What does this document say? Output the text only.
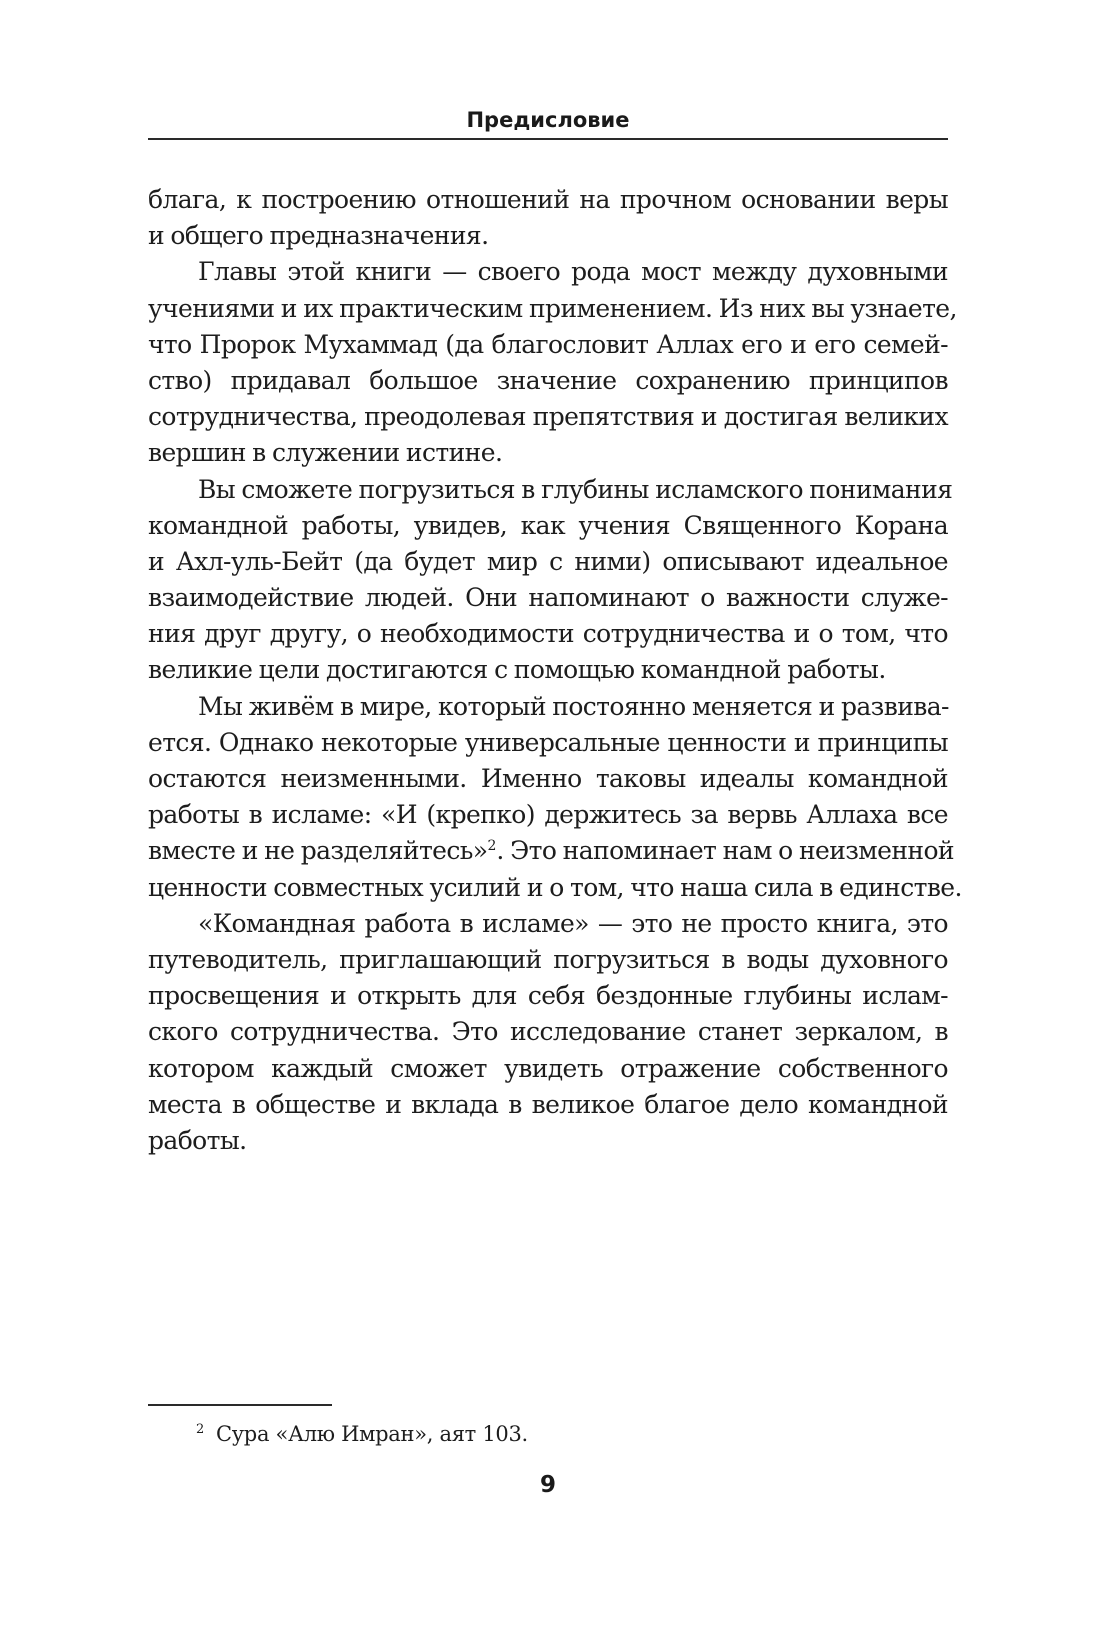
Предисловие
блага, к построению отношений на прочном основании веры
и общего предназначения.
Главы этой книги — своего рода мост между духовными
учениями и их практическим применением. Из них вы узнаете,
что Пророк Мухаммад (да благословит Аллах его и его семей-
ство) придавал большое значение сохранению принципов
сотрудничества, преодолевая препятствия и достигая великих
вершин в служении истине.
Вы сможете погрузиться в глубины исламского понимания
командной работы, увидев, как учения Священного Корана
и Ахл-уль-Бейт (да будет мир с ними) описывают идеальное
взаимодействие людей. Они напоминают о важности служе-
ния друг другу, о необходимости сотрудничества и о том, что
великие цели достигаются с помощью командной работы.
Мы живём в мире, который постоянно меняется и развива-
ется. Однако некоторые универсальные ценности и принципы
остаются неизменными. Именно таковы идеалы командной
работы в исламе: «И (крепко) держитесь за вервь Аллаха все
вместе и не разделяйтесь»$^2$. Это напоминает нам о неизменной
ценности совместных усилий и о том, что наша сила в единстве.
«Командная работа в исламе» — это не просто книга, это
путеводитель, приглашающий погрузиться в воды духовного
просвещения и открыть для себя бездонные глубины ислам-
ского сотрудничества. Это исследование станет зеркалом, в
котором каждый сможет увидеть отражение собственного
места в обществе и вклада в великое благое дело командной
работы.
$^2$ Сура «Алю Имран», аят 103.
9
